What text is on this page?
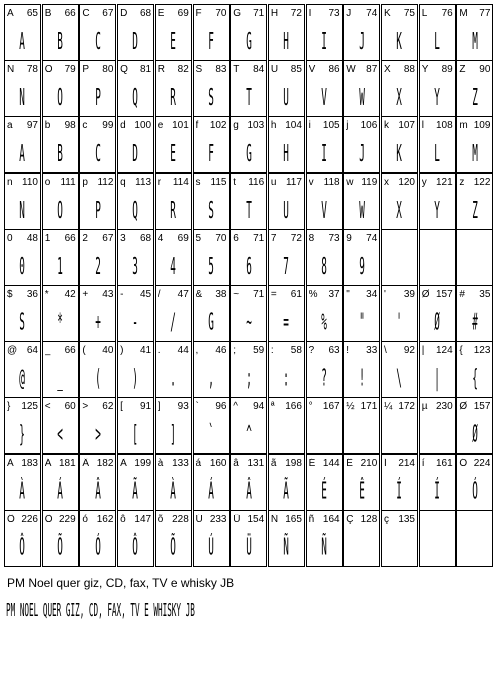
A 65
A
B 66
B
C 67
C
D 68
D
E 69
E
F 70
F
G 71
G
H 72
H
I 73
I
J 74
J
K 75
K
L 76
L
M 77
M
N 78
N
O 79
O
P 80
P
Q 81
Q
R 82
R
S 83
S
T 84
T
U 85
U
V 86
V
W 87
W
X 88
X
Y 89
Y
Z 90
Z
a 97
A
b 98
B
c 99
C
d 100
D
e 101
E
f 102
F
g 103
G
h 104
H
i 105
I
j 106
J
k 107
K
l 108
L
m 109
M
n 110
N
o 111
O
p 112
P
q 113
Q
r 114
R
s 115
S
t 116
T
u 117
U
v 118
V
w 119
W
x 120
X
y 121
Y
z 122
Z
0 48
0
1 66
1
2 67
2
3 68
3
4 69
4
5 70
5
6 71
6
7 72
7
8 73
8
9 74
9
$ 36
S
* 42
*
+ 43
+
- 45
-
/ 47
/
& 38
G
~ 71
~
= 61
=
% 37
%
" 34
"
' 39
'
Ø 157
Ø
# 35
#
@ 64
@
_ 66
_
( 40
(
) 41
)
. 44
.
, 46
,
; 59
;
: 58
:
? 63
?
! 33
!
\ 92
\
| 124
|
{ 123
{
} 125
}
< 60
<
> 62
>
[ 91
[
] 93
]
` 96
`
^ 94
^
ª 166 ° 167 ½ 171 ¼ 172 µ 230 Ø 157
Ø
À 183
À
Á 181
Á
Â 182
Â
Ã 199
Ã
à 133
À
á 160
Á
â 131
Â
ã 198
Ã
É 144
É
Ê 210
Ê
Í 214
Í
í 161
Í
Ó 224
Ó
Ô 226
Ô
Õ 229
Õ
ó 162
Ó
ô 147
Ô
õ 228
Õ
Ú 233
Ú
Ü 154
Ü
Ñ 165
Ñ
ñ 164
Ñ
Ç 128 ç 135
PM Noel quer giz, CD, fax, TV e whisky JB
PM NOEL QUER GIZ, CD, FAX, TV E WHISKY JB
